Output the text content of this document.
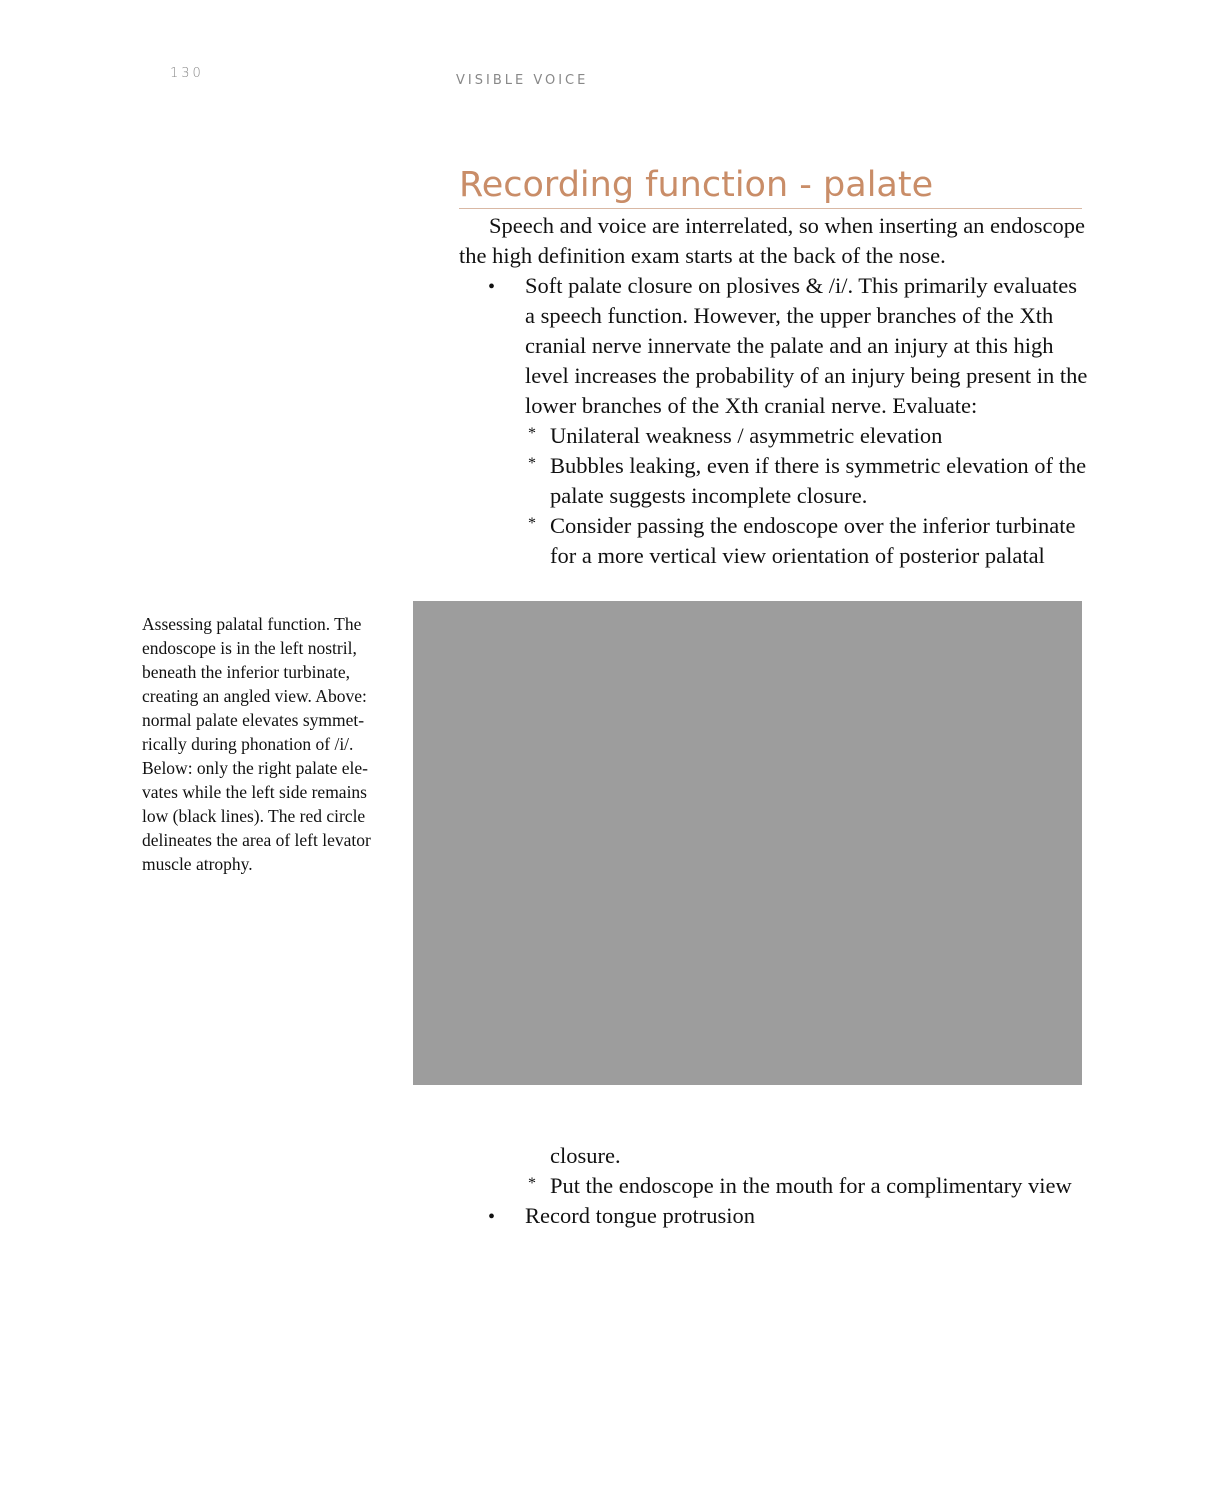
130	VISIBLE VOICE
Recording function - palate
Speech and voice are interrelated, so when inserting an endoscope
the high definition exam starts at the back of the nose.
• Soft palate closure on plosives & /i/. This primarily evaluates
a speech function. However, the upper branches of the Xth
cranial nerve innervate the palate and an injury at this high
level increases the probability of an injury being present in the
lower branches of the Xth cranial nerve. Evaluate:
* Unilateral weakness / asymmetric elevation
* Bubbles leaking, even if there is symmetric elevation of the
palate suggests incomplete closure.
* Consider passing the endoscope over the inferior turbinate
for a more vertical view orientation of posterior palatal
Assessing palatal function. The
endoscope is in the left nostril,
beneath the inferior turbinate,
creating an angled view. Above:
normal palate elevates symmet-
rically during phonation of /i/.
Below: only the right palate ele-
vates while the left side remains
low (black lines). The red circle
delineates the area of left levator
muscle atrophy.
closure.
* Put the endoscope in the mouth for a complimentary view
• Record tongue protrusion
